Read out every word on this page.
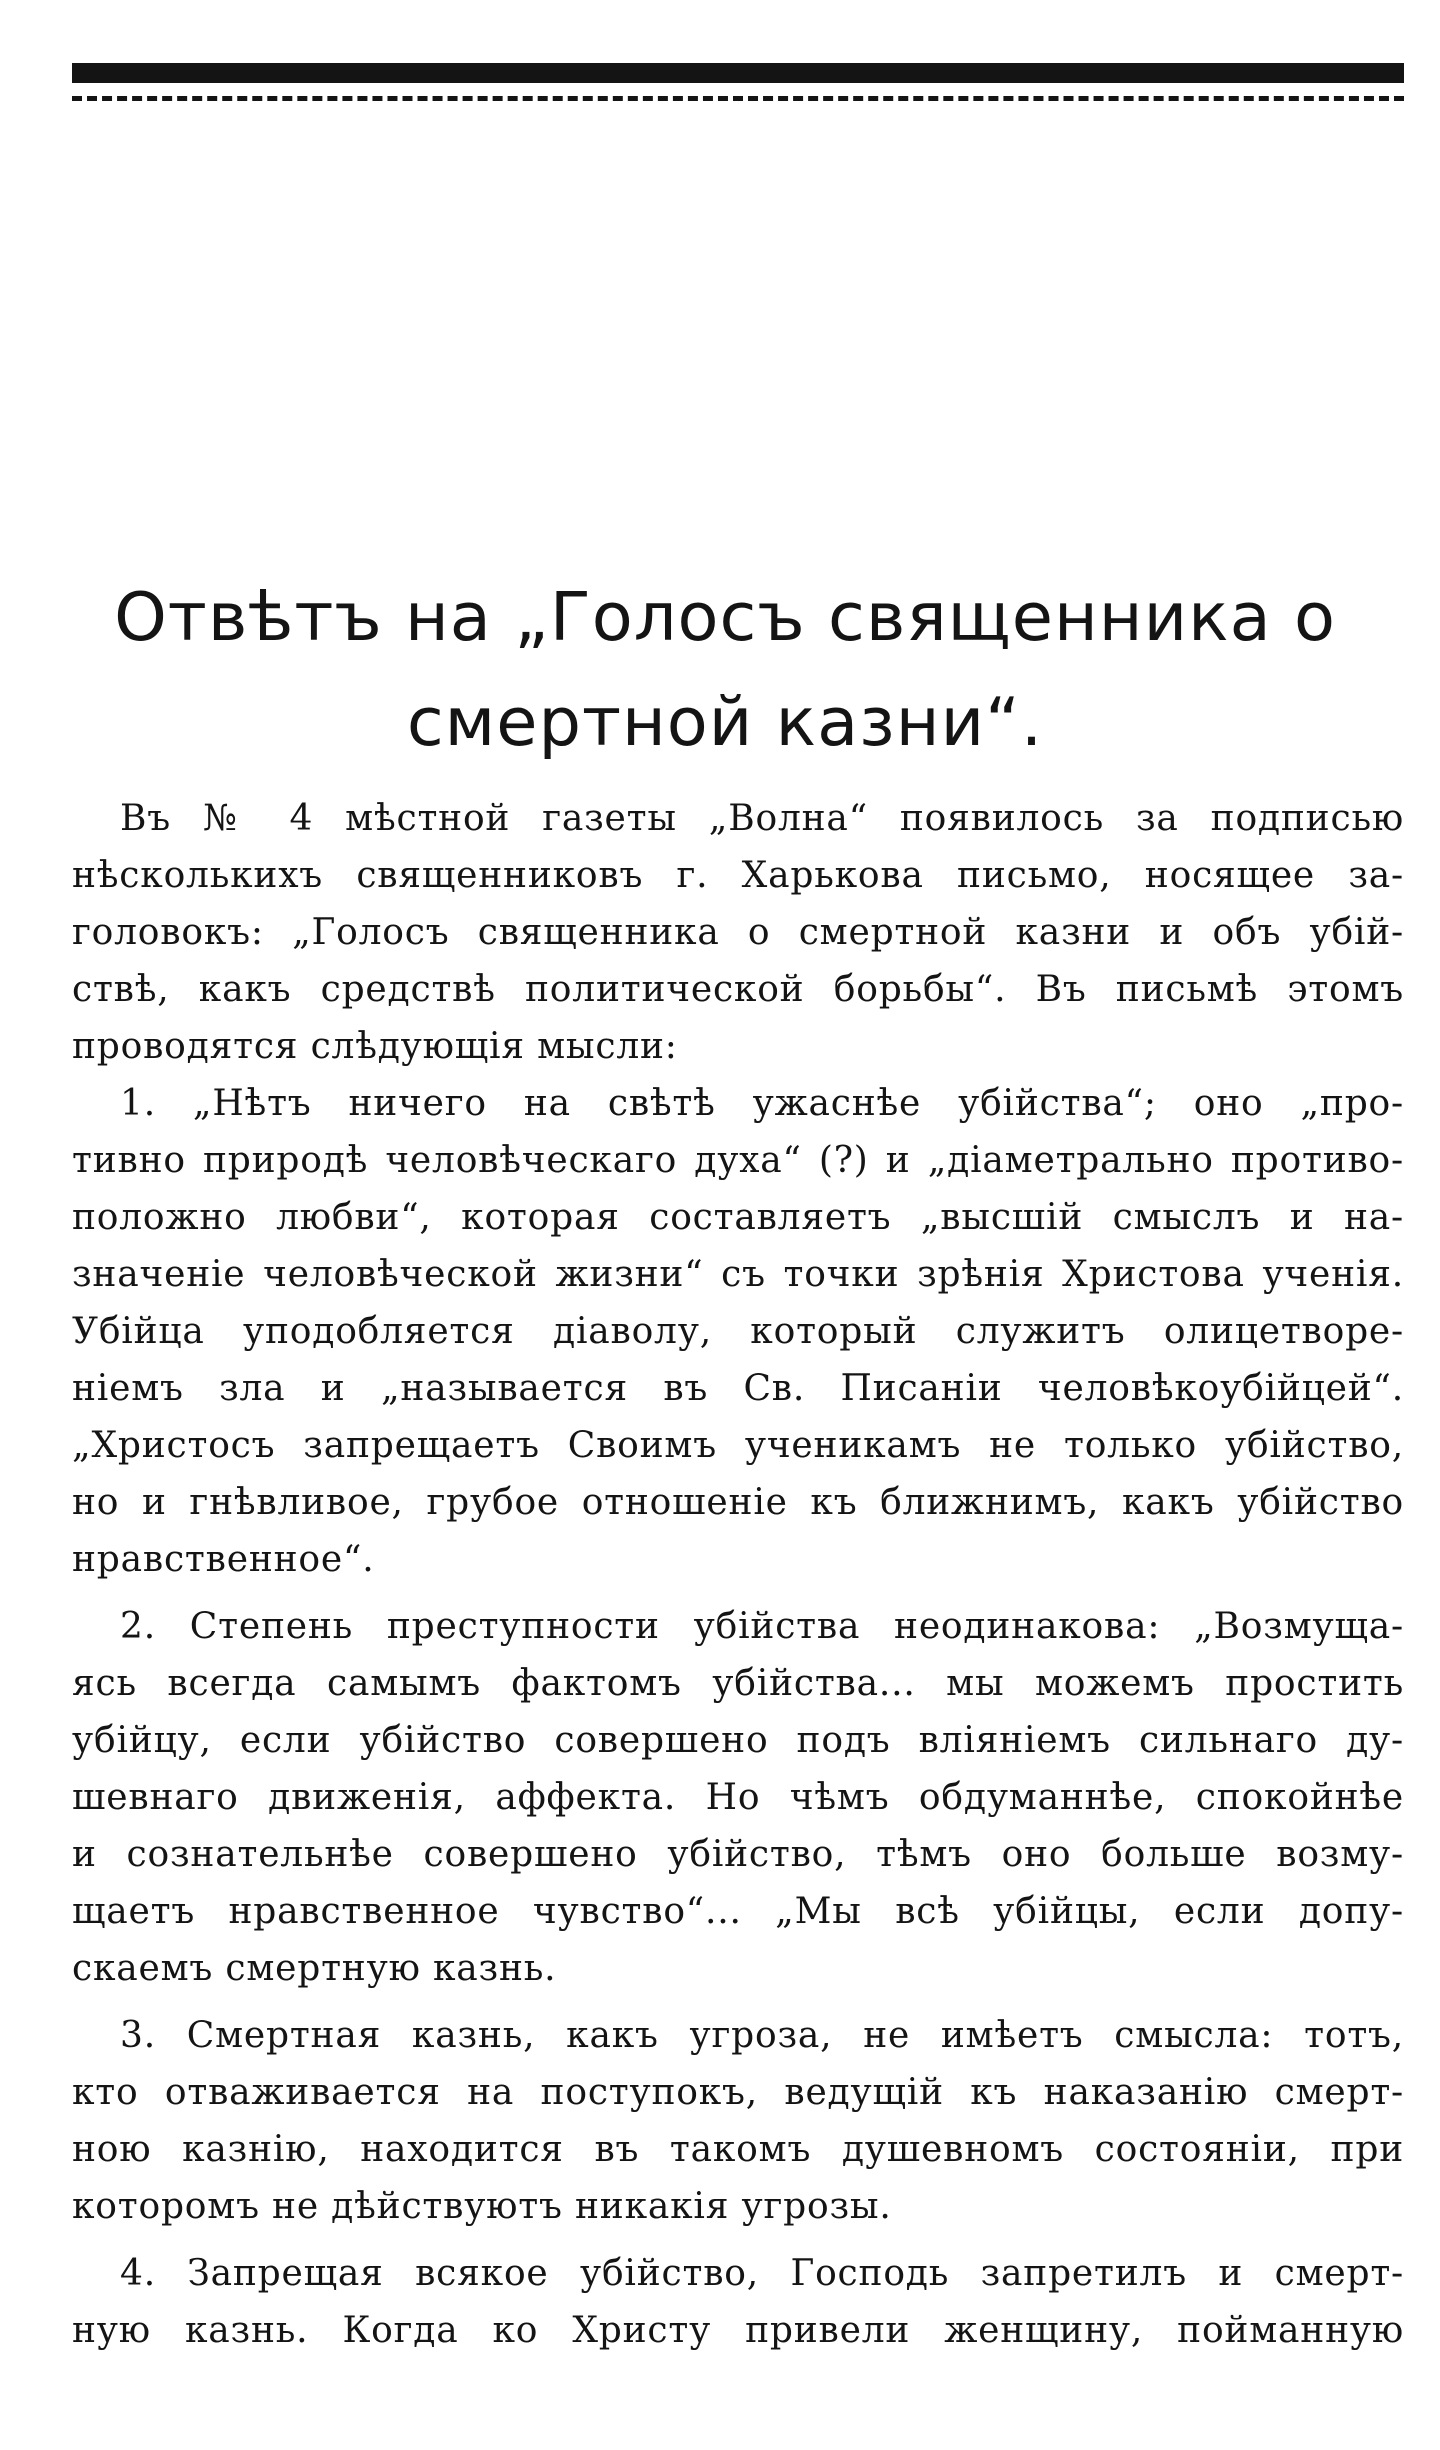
Отвѣтъ на „Голосъ священника о
смертной казни“.

Въ № 4 мѣстной газеты „Волна“ появилось за подписью
нѣсколькихъ священниковъ г. Харькова письмо, носящее за-
головокъ: „Голосъ священника о смертной казни и объ убій-
ствѣ, какъ средствѣ политической борьбы“. Въ письмѣ этомъ
проводятся слѣдующія мысли:

1. „Нѣтъ ничего на свѣтѣ ужаснѣе убійства“; оно „про-
тивно природѣ человѣческаго духа“ (?) и „діаметрально противо-
положно любви“, которая составляетъ „высшій смыслъ и на-
значеніе человѣческой жизни“ съ точки зрѣнія Христова ученія.
Убійца уподобляется діаволу, который служитъ олицетворе-
ніемъ зла и „называется въ Св. Писаніи человѣкоубійцей“.
„Христосъ запрещаетъ Своимъ ученикамъ не только убійство,
но и гнѣвливое, грубое отношеніе къ ближнимъ, какъ убійство
нравственное“.

2. Степень преступности убійства неодинакова: „Возмуща-
ясь всегда самымъ фактомъ убійства... мы можемъ простить
убійцу, если убійство совершено подъ вліяніемъ сильнаго ду-
шевнаго движенія, аффекта. Но чѣмъ обдуманнѣе, спокойнѣе
и сознательнѣе совершено убійство, тѣмъ оно больше возму-
щаетъ нравственное чувство“... „Мы всѣ убійцы, если допу-
скаемъ смертную казнь.

3. Смертная казнь, какъ угроза, не имѣетъ смысла: тотъ,
кто отваживается на поступокъ, ведущій къ наказанію смерт-
ною казнію, находится въ такомъ душевномъ состояніи, при
которомъ не дѣйствуютъ никакія угрозы.

4. Запрещая всякое убійство, Господь запретилъ и смерт-
ную казнь. Когда ко Христу привели женщину, пойманную
